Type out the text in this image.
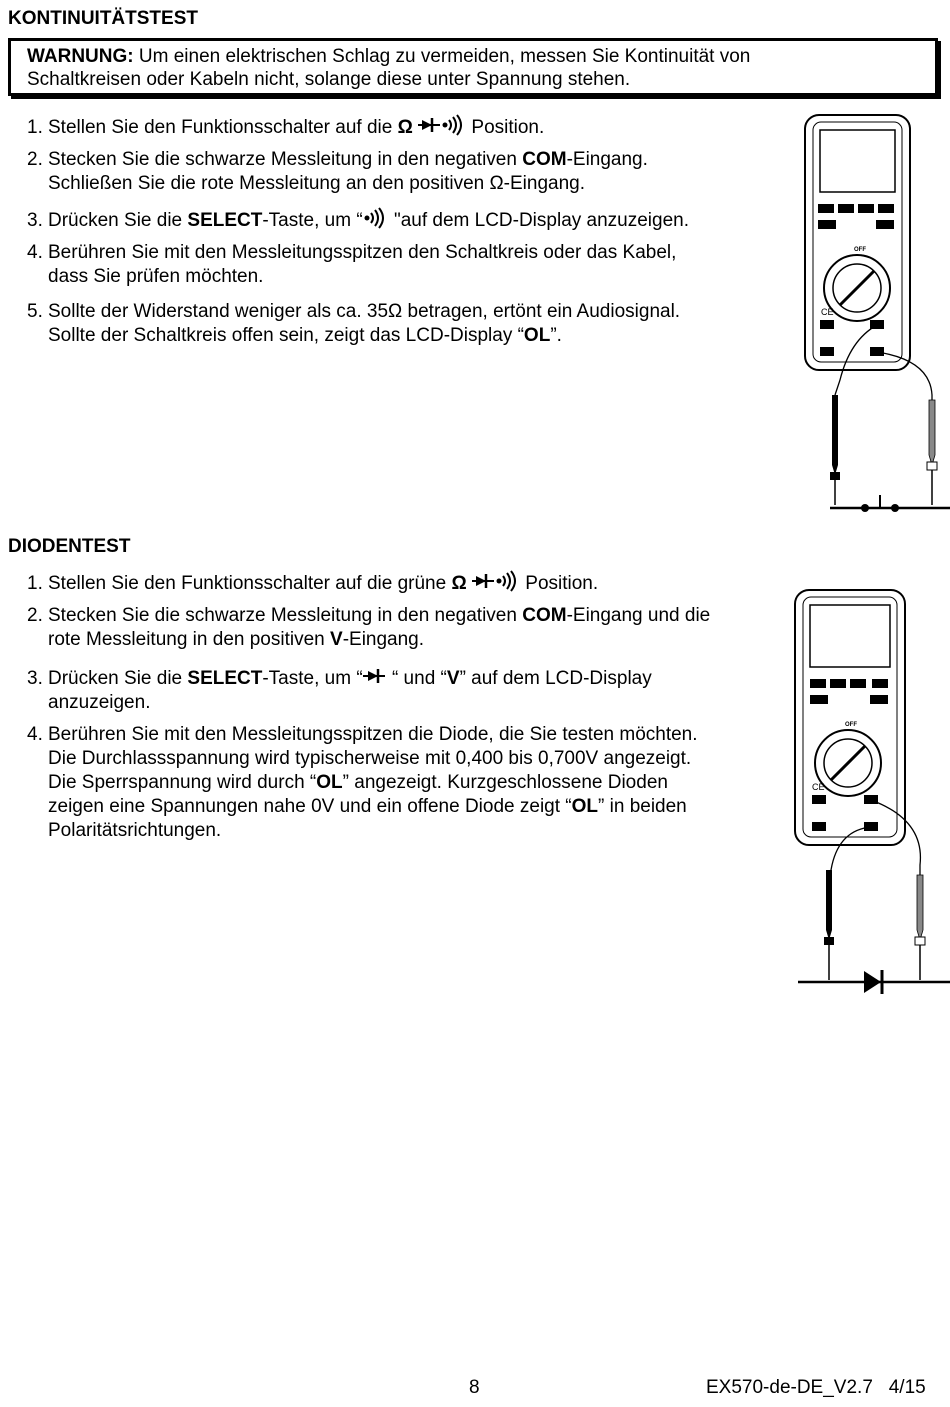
KONTINUITÄTSTEST
WARNUNG: Um einen elektrischen Schlag zu vermeiden, messen Sie Kontinuität von
Schaltkreisen oder Kabeln nicht, solange diese unter Spannung stehen.
1. Stellen Sie den Funktionsschalter auf die Ω	Position.
2. Stecken Sie die schwarze Messleitung in den negativen COM-Eingang.
Schließen Sie die rote Messleitung an den positiven Ω-Eingang.
3. Drücken Sie die SELECT-Taste, um “ "auf dem LCD-Display anzuzeigen.
4. Berühren Sie mit den Messleitungsspitzen den Schaltkreis oder das Kabel,
dass Sie prüfen möchten.
5. Sollte der Widerstand weniger als ca. 35Ω betragen, ertönt ein Audiosignal.
Sollte der Schaltkreis offen sein, zeigt das LCD-Display “OL”.
OFF
CE
DIODENTEST
1. Stellen Sie den Funktionsschalter auf die grüne Ω	Position.
2. Stecken Sie die schwarze Messleitung in den negativen COM-Eingang und die
rote Messleitung in den positiven V-Eingang.
3. Drücken Sie die SELECT-Taste, um “ “ und “V” auf dem LCD-Display
anzuzeigen.
4. Berühren Sie mit den Messleitungsspitzen die Diode, die Sie testen möchten.
Die Durchlassspannung wird typischerweise mit 0,400 bis 0,700V angezeigt.
Die Sperrspannung wird durch “OL” angezeigt. Kurzgeschlossene Dioden
zeigen eine Spannungen nahe 0V und ein offene Diode zeigt “OL” in beiden
Polaritätsrichtungen.
OFF
CE
8	EX570-de-DE_V2.7   4/15
